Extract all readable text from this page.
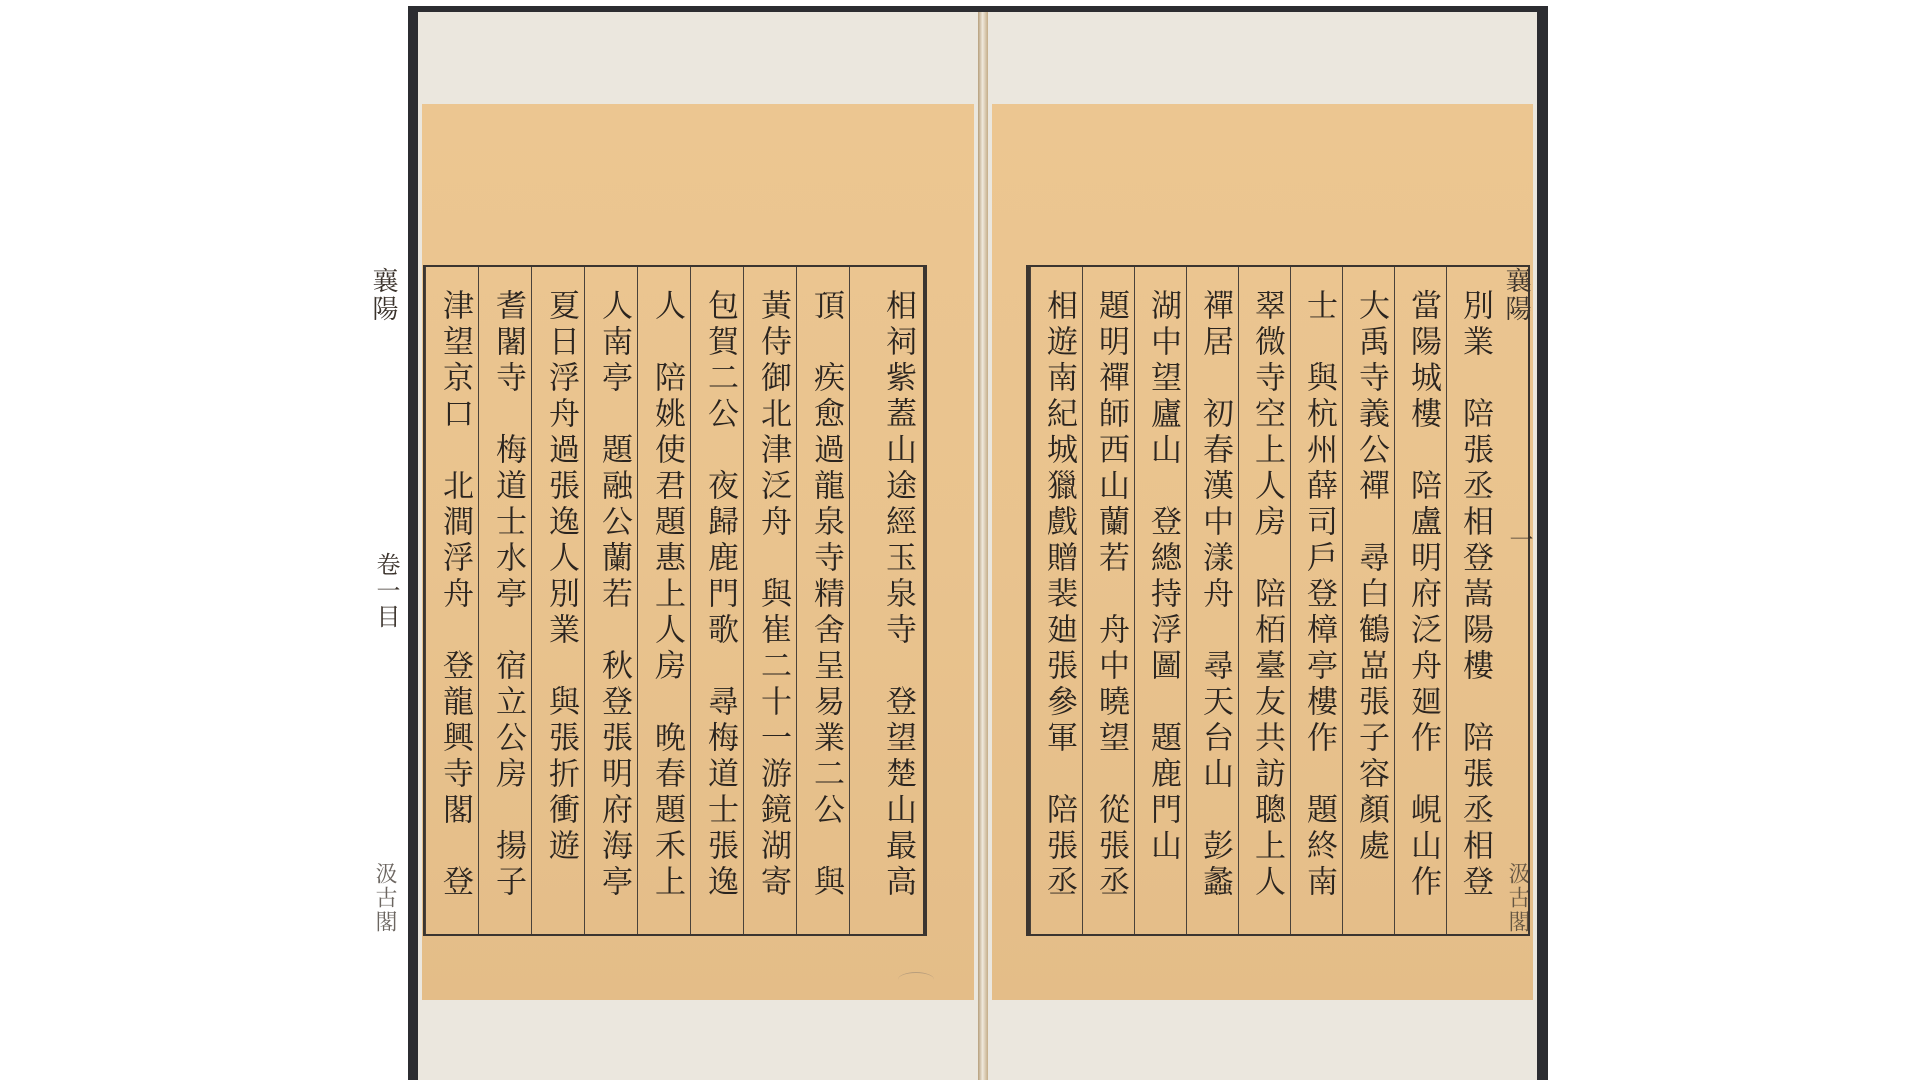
襄陽
卷一目
汲古閣	津望京口　北澗浮舟　登龍興寺閣　登 耆闍寺　梅道士水亭　宿立公房　揚子 夏日浮舟過張逸人別業　與張折衝遊 人南亭　題融公蘭若　秋登張明府海亭 人　陪姚使君題惠上人房　晚春題禾上 包賀二公　夜歸鹿門歌　尋梅道士張逸 黃侍御北津泛舟　與崔二十一游鏡湖寄 頂　疾愈過龍泉寺精舍呈易業二公　與	相祠紫蓋山途經玉泉寺　登望楚山最高	相遊南紀城獵戲贈裴廸張參軍　陪張丞 題明禪師西山蘭若　舟中曉望　從張丞 湖中望廬山　登總持浮圖　題鹿門山 禪居　初春漢中漾舟　尋天台山　彭蠡 翠微寺空上人房　陪栢臺友共訪聰上人 士　與杭州薛司戶登樟亭樓作　題終南 大禹寺義公禪　尋白鶴嵓張子容顏處 當陽城樓　陪盧明府泛舟廻作　峴山作 別業　陪張丞相登嵩陽樓　陪張丞相登 襄陽
一
汲古閣
